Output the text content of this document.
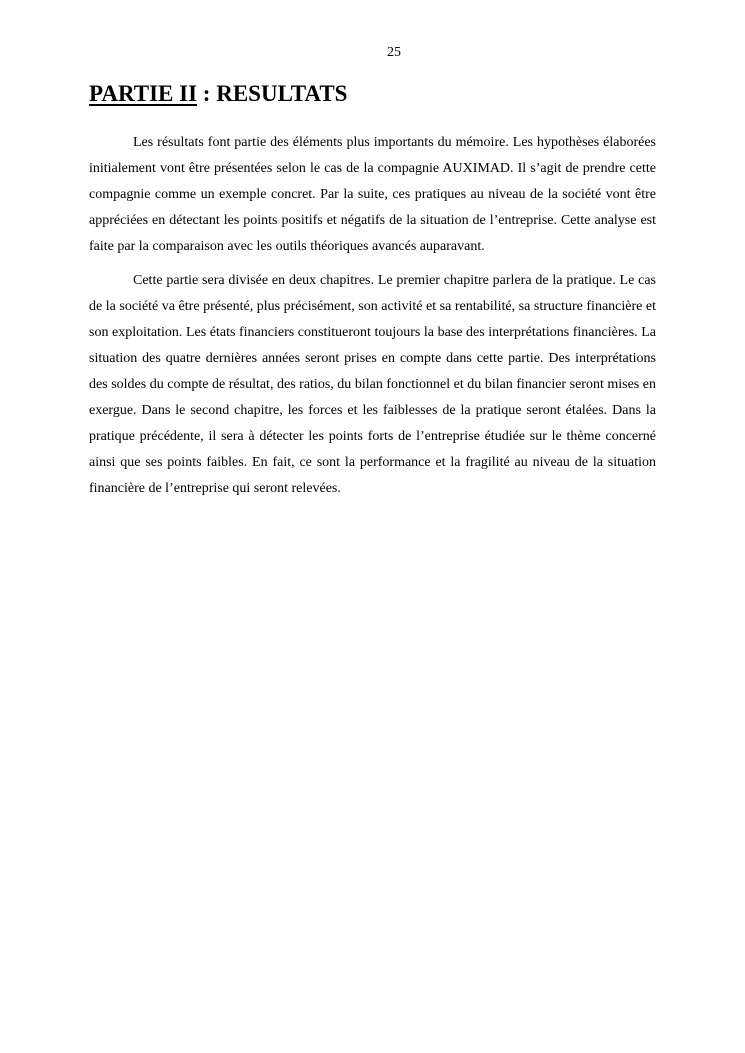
25
PARTIE II : RESULTATS

Les résultats font partie des éléments plus importants du mémoire. Les hypothèses élaborées initialement vont être présentées selon le cas de la compagnie AUXIMAD. Il s’agit de prendre cette compagnie comme un exemple concret. Par la suite, ces pratiques au niveau de la société vont être appréciées en détectant les points positifs et négatifs de la situation de l’entreprise. Cette analyse est faite par la comparaison avec les outils théoriques avancés auparavant.

Cette partie sera divisée en deux chapitres. Le premier chapitre parlera de la pratique. Le cas de la société va être présenté, plus précisément, son activité et sa rentabilité, sa structure financière et son exploitation. Les états financiers constitueront toujours la base des interprétations financières. La situation des quatre dernières années seront prises en compte dans cette partie. Des interprétations des soldes du compte de résultat, des ratios, du bilan fonctionnel et du bilan financier seront mises en exergue. Dans le second chapitre, les forces et les faiblesses de la pratique seront étalées. Dans la pratique précédente, il sera à détecter les points forts de l’entreprise étudiée sur le thème concerné ainsi que ses points faibles. En fait, ce sont la performance et la fragilité au niveau de la situation financière de l’entreprise qui seront relevées.
